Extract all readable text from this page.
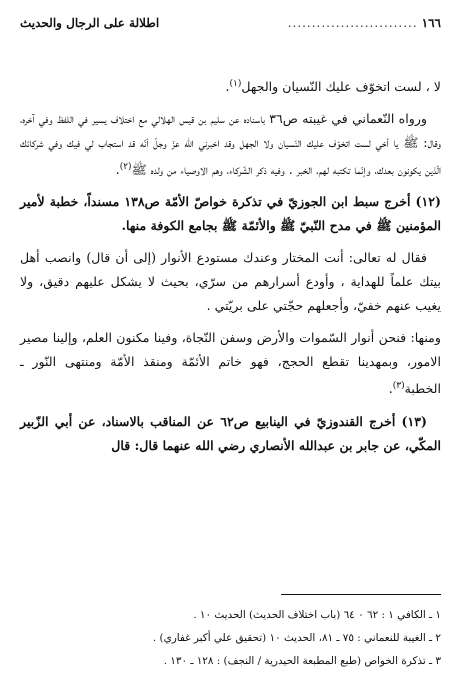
١٦٦
...........................
اطلالة على الرجال والحديث

لا ، لست اتخوّف عليك النّسيان والجهل$^{(١)}$.

ورواه النّعماني في غيبته ص٣٦ باسناده عن سليم بن قيس الهلالي مع اختلاف يسير في اللفظ وفي آخره، وقال: ﷺ يا أخي لست اتخوّف عليك النّسيان ولا الجهل وقد اخبرني الله عزّ وجلّ أنّه قد استجاب لي فيك وفي شركائك الّذين يكونون بعدك، وإنّما تكتبه لهم، الخبر . وفيه ذكر الشّركاء، وهم الاوصياء من ولده ﷺ$^{(٢)}$.

(١٢) أخرج سبط ابن الجوزيّ في تذكرة خواصّ الأمّة ص١٣٨ مسنداً، خطبة لأمير المؤمنين ﷺ في مدح النّبيّ ﷺ والأئمّة ﷺ بجامع الكوفة منها.

فقال له تعالى: أنت المختار وعندك مستودع الأنوار (إلى أن قال) وانصب أهل بيتك علماً للهداية ، وأودع أسرارهم من سرّي، بحيث لا يشكل عليهم دقيق، ولا يغيب عنهم خفيّ، وأجعلهم حجّتي على بريّتي .

ومنها: فنحن أنوار السّموات والأرض وسفن النّجاة، وفينا مكنون العلم، وإلينا مصير الامور، وبمهدينا تقطع الحجج، فهو خاتم الأئمّة ومنقذ الأمّة ومنتهى النّور ـ الخطبة$^{(٣)}$.

(١٣) أخرج القندوزيّ في الينابيع ص٦٢ عن المناقب بالاسناد، عن أبي الزّبير المكّي، عن جابر بن عبدالله الأنصاري رضي الله عنهما قال: قال

١ ـ الكافي ١ : ٦٢ ٠ ٦٤ (باب اختلاف الحديث) الحديث ١٠ .
٢ ـ الغيبة للنعماني : ٧٥ ـ ٨١، الحديث ١٠ (تحقيق علي أكبر غفاري) .
٣ ـ تذكرة الخواص (طبع المطبعة الحيدرية / النجف) : ١٢٨ ـ ١٣٠ .
